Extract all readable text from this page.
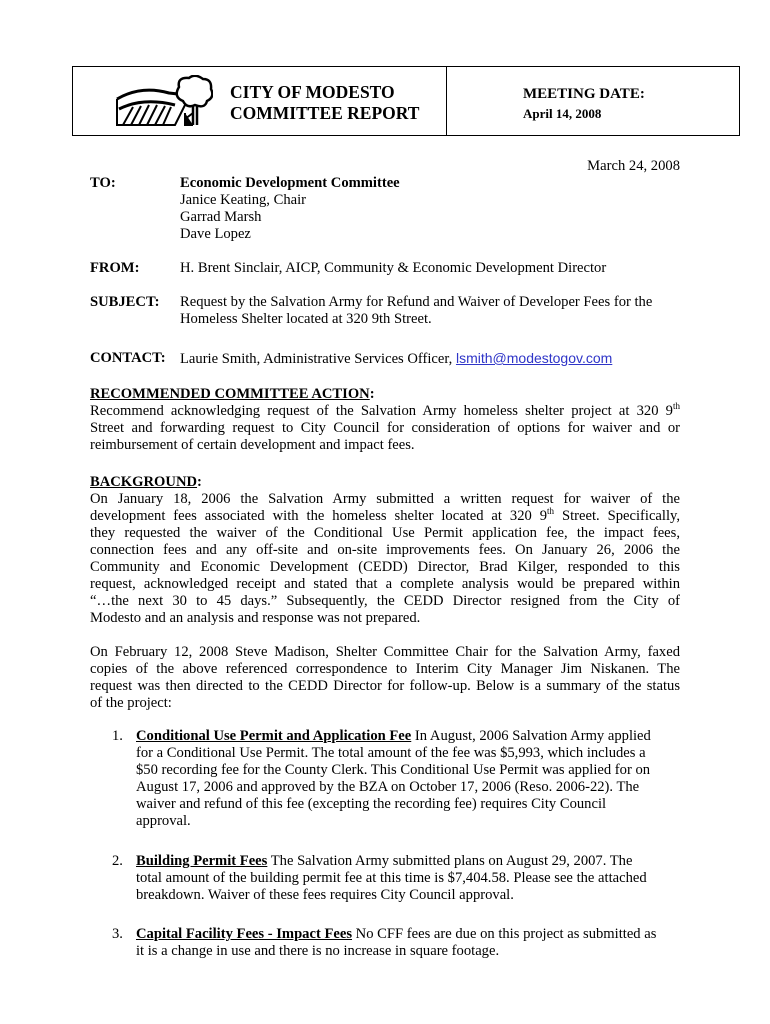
CITY OF MODESTO
COMMITTEE REPORT
MEETING DATE:
April 14, 2008
March 24, 2008
TO:	Economic Development Committee
Janice Keating, Chair
Garrad Marsh
Dave Lopez
FROM:	H. Brent Sinclair, AICP, Community & Economic Development Director
SUBJECT: Request by the Salvation Army for Refund and Waiver of Developer Fees for the
Homeless Shelter located at 320 9th Street.
CONTACT: Laurie Smith, Administrative Services Officer, lsmith@modestogov.com
RECOMMENDED COMMITTEE ACTION:
Recommend acknowledging request of the Salvation Army homeless shelter project at 320 9th
Street and forwarding request to City Council for consideration of options for waiver and or
reimbursement of certain development and impact fees.
BACKGROUND:
On January 18, 2006 the Salvation Army submitted a written request for waiver of the
development fees associated with the homeless shelter located at 320 9th Street. Specifically,
they requested the waiver of the Conditional Use Permit application fee, the impact fees,
connection fees and any off-site and on-site improvements fees. On January 26, 2006 the
Community and Economic Development (CEDD) Director, Brad Kilger, responded to this
request, acknowledged receipt and stated that a complete analysis would be prepared within
“…the next 30 to 45 days.” Subsequently, the CEDD Director resigned from the City of
Modesto and an analysis and response was not prepared.
On February 12, 2008 Steve Madison, Shelter Committee Chair for the Salvation Army, faxed
copies of the above referenced correspondence to Interim City Manager Jim Niskanen. The
request was then directed to the CEDD Director for follow-up. Below is a summary of the status
of the project:
1. Conditional Use Permit and Application Fee In August, 2006 Salvation Army applied
for a Conditional Use Permit. The total amount of the fee was $5,993, which includes a
$50 recording fee for the County Clerk. This Conditional Use Permit was applied for on
August 17, 2006 and approved by the BZA on October 17, 2006 (Reso. 2006-22). The
waiver and refund of this fee (excepting the recording fee) requires City Council
approval.
2. Building Permit Fees The Salvation Army submitted plans on August 29, 2007. The
total amount of the building permit fee at this time is $7,404.58. Please see the attached
breakdown. Waiver of these fees requires City Council approval.
3. Capital Facility Fees - Impact Fees No CFF fees are due on this project as submitted as
it is a change in use and there is no increase in square footage.
